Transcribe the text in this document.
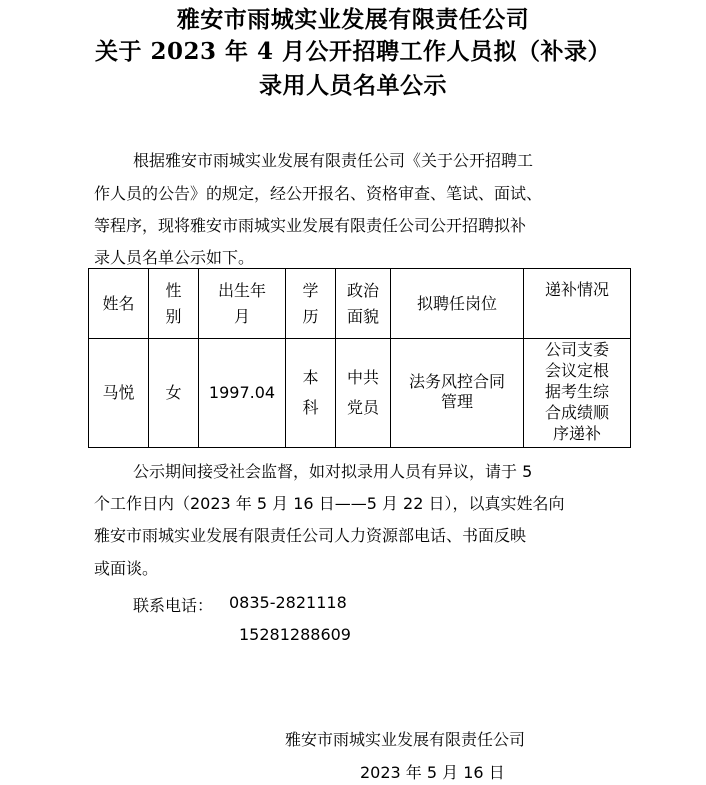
雅安市雨城实业发展有限责任公司
关于 2023 年 4 月公开招聘工作人员拟（补录）
录用人员名单公示
根据雅安市雨城实业发展有限责任公司《关于公开招聘工
作人员的公告》的规定，经公开报名、资格审查、笔试、面试、
等程序，现将雅安市雨城实业发展有限责任公司公开招聘拟补
录人员名单公示如下。
姓名	性别	出生年月	学历	政治面貌	拟聘任岗位	递补情况
马悦	女	1997.04	本科	中共党员	法务风控合同管理	公司支委会议定根据考生综合成绩顺序递补
公示期间接受社会监督，如对拟录用人员有异议，请于 5
个工作日内（2023 年 5 月 16 日——5 月 22 日），以真实姓名向
雅安市雨城实业发展有限责任公司人力资源部电话、书面反映
或面谈。
联系电话： 0835-2821118
15281288609
雅安市雨城实业发展有限责任公司
2023 年 5 月 16 日
